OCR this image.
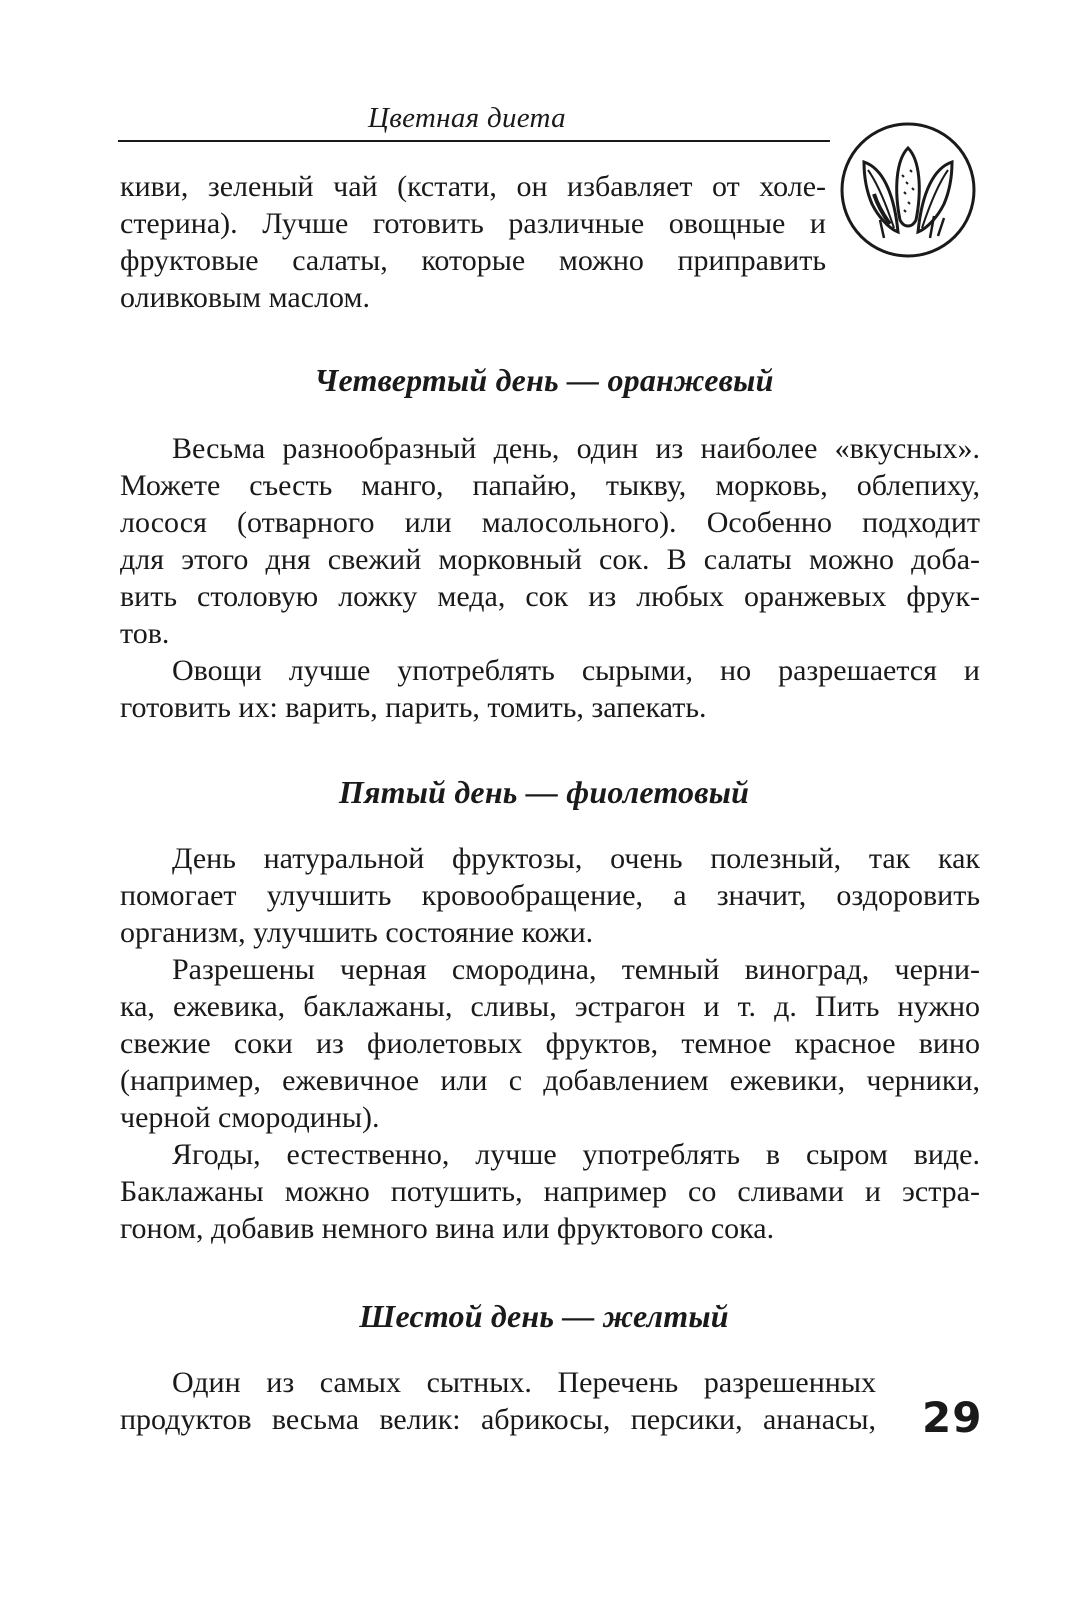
Цветная диета
киви, зеленый чай (кстати, он избавляет от холе-
стерина). Лучше готовить различные овощные и
фруктовые салаты, которые можно приправить
оливковым маслом.
Четвертый день — оранжевый
Весьма разнообразный день, один из наиболее «вкусных».
Можете съесть манго, папайю, тыкву, морковь, облепиху,
лосося (отварного или малосольного). Особенно подходит
для этого дня свежий морковный сок. В салаты можно доба-
вить столовую ложку меда, сок из любых оранжевых фрук-
тов.
Овощи лучше употреблять сырыми, но разрешается и
готовить их: варить, парить, томить, запекать.
Пятый день — фиолетовый
День натуральной фруктозы, очень полезный, так как
помогает улучшить кровообращение, а значит, оздоровить
организм, улучшить состояние кожи.
Разрешены черная смородина, темный виноград, черни-
ка, ежевика, баклажаны, сливы, эстрагон и т. д. Пить нужно
свежие соки из фиолетовых фруктов, темное красное вино
(например, ежевичное или с добавлением ежевики, черники,
черной смородины).
Ягоды, естественно, лучше употреблять в сыром виде.
Баклажаны можно потушить, например со сливами и эстра-
гоном, добавив немного вина или фруктового сока.
Шестой день — желтый
Один из самых сытных. Перечень разрешенных
продуктов весьма велик: абрикосы, персики, ананасы, 29
